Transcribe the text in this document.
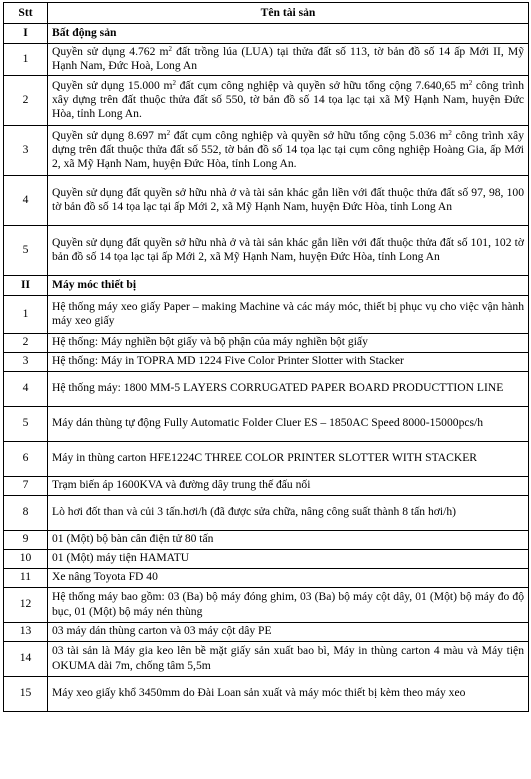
Stt	Tên tài sản
I	Bất động sản
1	Quyền sử dụng 4.762 $m^2$ đất trồng lúa (LUA) tại thửa đất số 113, tờ bản đồ số 14 ấp Mới II, Mỹ Hạnh Nam, Đức Hoà, Long An
2	Quyền sử dụng 15.000 $m^2$ đất cụm công nghiệp và quyền sở hữu tổng cộng 7.640,65 $m^2$ công trình xây dựng trên đất thuộc thửa đất số 550, tờ bản đồ số 14 tọa lạc tại xã Mỹ Hạnh Nam, huyện Đức Hòa, tỉnh Long An.
3	Quyền sử dụng 8.697 $m^2$ đất cụm công nghiệp và quyền sở hữu tổng cộng 5.036 $m^2$ công trình xây dựng trên đất thuộc thửa đất số 552, tờ bản đồ số 14 tọa lạc tại cụm công nghiệp Hoàng Gia, ấp Mới 2, xã Mỹ Hạnh Nam, huyện Đức Hòa, tỉnh Long An.
4	Quyền sử dụng đất quyền sở hữu nhà ở và tài sản khác gắn liền với đất thuộc thửa đất số 97, 98, 100 tờ bản đồ số 14 tọa lạc tại ấp Mới 2, xã Mỹ Hạnh Nam, huyện Đức Hòa, tỉnh Long An
5	Quyền sử dụng đất quyền sở hữu nhà ở và tài sản khác gắn liền với đất thuộc thửa đất số 101, 102 tờ bản đồ số 14 tọa lạc tại ấp Mới 2, xã Mỹ Hạnh Nam, huyện Đức Hòa, tỉnh Long An
II	Máy móc thiết bị
1	Hệ thống máy xeo giấy Paper – making Machine và các máy móc, thiết bị phục vụ cho việc vận hành máy xeo giấy
2	Hệ thống: Máy nghiền bột giấy và bộ phận của máy nghiền bột giấy
3	Hệ thống: Máy in TOPRA MD 1224 Five Color Printer Slotter with Stacker
4	Hệ thống máy: 1800 MM-5 LAYERS CORRUGATED PAPER BOARD PRODUCTTION LINE
5	Máy dán thùng tự động Fully Automatic Folder Cluer ES – 1850AC Speed 8000-15000pcs/h
6	Máy in thùng carton HFE1224C THREE COLOR PRINTER SLOTTER WITH STACKER
7	Trạm biến áp 1600KVA và đường dây trung thế đấu nối
8	Lò hơi đốt than và củi 3 tấn.hơi/h (đã được sửa chữa, nâng công suất thành 8 tấn hơi/h)
9	01 (Một) bộ bàn cân điện tử 80 tấn
10	01 (Một) máy tiện HAMATU
11	Xe nâng Toyota FD 40
12	Hệ thống máy bao gồm: 03 (Ba) bộ máy đóng ghim, 03 (Ba) bộ máy cột dây, 01 (Một) bộ máy đo độ bục, 01 (Một) bộ máy nén thùng
13	03 máy dán thùng carton và 03 máy cột dây PE
14	03 tài sản là Máy gia keo lên bề mặt giấy sản xuất bao bì, Máy in thùng carton 4 màu và Máy tiện OKUMA dài 7m, chống tâm 5,5m
15	Máy xeo giấy khổ 3450mm do Đài Loan sản xuất và máy móc thiết bị kèm theo máy xeo
